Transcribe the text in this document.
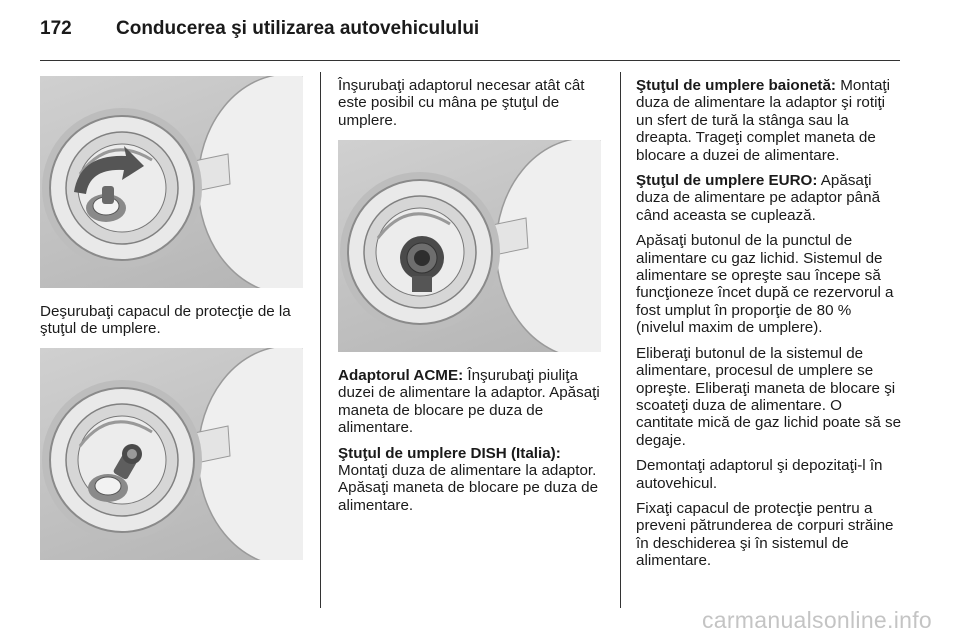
172 Conducerea şi utilizarea autovehiculului

Deşurubaţi capacul de protecţie de la ştuţul de umplere.

Înşurubaţi adaptorul necesar atât cât este posibil cu mâna pe ştuţul de umplere.

Adaptorul ACME: Înşurubaţi piuliţa duzei de alimentare la adaptor. Apăsaţi maneta de blocare pe duza de alimentare.

Ştuţul de umplere DISH (Italia):
Montaţi duza de alimentare la adaptor. Apăsaţi maneta de blocare pe duza de alimentare.

Ştuţul de umplere baionetă: Montaţi duza de alimentare la adaptor şi rotiţi un sfert de tură la stânga sau la dreapta. Trageţi complet maneta de blocare a duzei de alimentare.

Ştuţul de umplere EURO: Apăsaţi duza de alimentare pe adaptor până când aceasta se cuplează.

Apăsaţi butonul de la punctul de alimentare cu gaz lichid. Sistemul de alimentare se opreşte sau începe să funcţioneze încet după ce rezervorul a fost umplut în proporţie de 80 % (nivelul maxim de umplere).

Eliberaţi butonul de la sistemul de alimentare, procesul de umplere se opreşte. Eliberaţi maneta de blocare şi scoateţi duza de alimentare. O cantitate mică de gaz lichid poate să se degaje.

Demontaţi adaptorul şi depozitaţi-l în autovehicul.

Fixaţi capacul de protecţie pentru a preveni pătrunderea de corpuri străine în deschiderea şi în sistemul de alimentare.

carmanualsonline.info
